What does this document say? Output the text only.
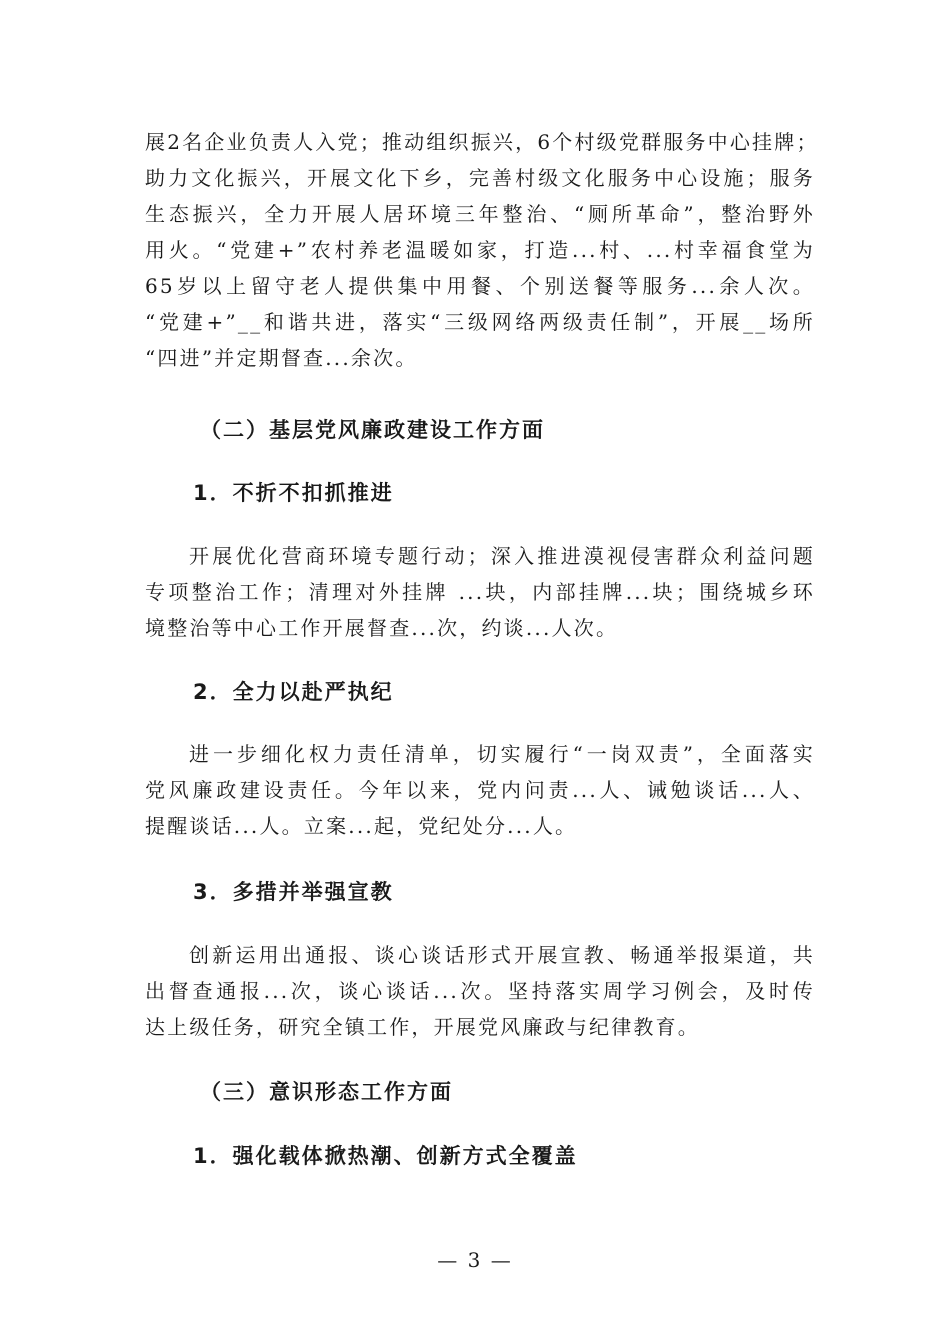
展2名企业负责人入党；推动组织振兴，6个村级党群服务中心挂牌；
助力文化振兴，开展文化下乡，完善村级文化服务中心设施；服务
生态振兴，全力开展人居环境三年整治、“厕所革命”，整治野外
用火。“党建+”农村养老温暖如家，打造...村、...村幸福食堂为
65岁以上留守老人提供集中用餐、个别送餐等服务...余人次。
“党建+”__和谐共进，落实“三级网络两级责任制”，开展__场所
“四进”并定期督查...余次。
（二）基层党风廉政建设工作方面
1．不折不扣抓推进
开展优化营商环境专题行动；深入推进漠视侵害群众利益问题
专项整治工作；清理对外挂牌 ...块，内部挂牌...块；围绕城乡环
境整治等中心工作开展督查...次，约谈...人次。
2．全力以赴严执纪
进一步细化权力责任清单，切实履行“一岗双责”，全面落实
党风廉政建设责任。今年以来，党内问责...人、诫勉谈话...人、
提醒谈话...人。立案...起，党纪处分...人。
3．多措并举强宣教
创新运用出通报、谈心谈话形式开展宣教、畅通举报渠道，共
出督查通报...次，谈心谈话...次。坚持落实周学习例会，及时传
达上级任务，研究全镇工作，开展党风廉政与纪律教育。
（三）意识形态工作方面
1．强化载体掀热潮、创新方式全覆盖
— 3 —
